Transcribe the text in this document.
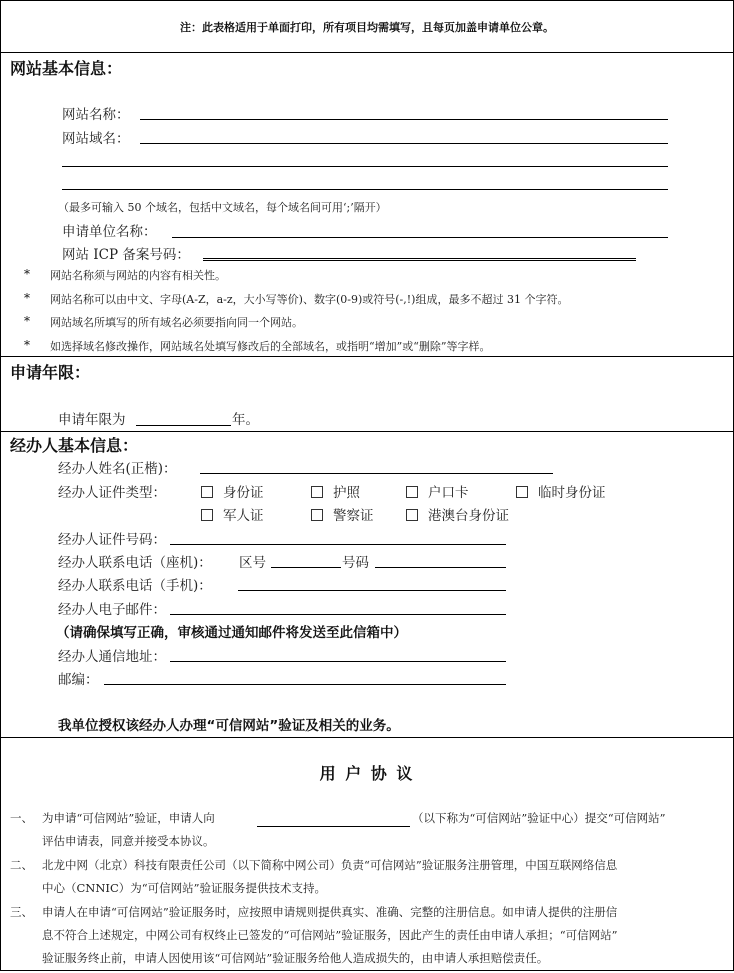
注：此表格适用于单面打印，所有项目均需填写，且每页加盖申请单位公章。
网站基本信息：
网站名称：
网站域名：
（最多可输入 50 个域名，包括中文域名，每个域名间可用‘;’隔开）
申请单位名称：
网站 ICP 备案号码：
* 网站名称须与网站的内容有相关性。
* 网站名称可以由中文、字母(A-Z，a-z，大小写等价)、数字(0-9)或符号(-,!)组成，最多不超过 31 个字符。
* 网站域名所填写的所有域名必须要指向同一个网站。
* 如选择域名修改操作，网站域名处填写修改后的全部域名，或指明“增加”或“删除”等字样。
申请年限：
申请年限为	年。
经办人基本信息：
经办人姓名(正楷)：
经办人证件类型：	身份证	护照	户口卡	临时身份证
军人证	警察证	港澳台身份证
经办人证件号码：
经办人联系电话（座机)： 区号	号码
经办人联系电话（手机)：
经办人电子邮件：
（请确保填写正确，审核通过通知邮件将发送至此信箱中）
经办人通信地址：
邮编：
我单位授权该经办人办理“可信网站”验证及相关的业务。
用 户 协 议
一、 为申请“可信网站”验证，申请人向	（以下称为“可信网站”验证中心）提交“可信网站”
评估申请表，同意并接受本协议。
二、 北龙中网（北京）科技有限责任公司（以下简称中网公司）负责“可信网站”验证服务注册管理，中国互联网络信息
中心（CNNIC）为“可信网站”验证服务提供技术支持。
三、 申请人在申请“可信网站”验证服务时，应按照申请规则提供真实、准确、完整的注册信息。如申请人提供的注册信
息不符合上述规定，中网公司有权终止已签发的“可信网站”验证服务，因此产生的责任由申请人承担；“可信网站”
验证服务终止前，申请人因使用该“可信网站”验证服务给他人造成损失的，由申请人承担赔偿责任。
